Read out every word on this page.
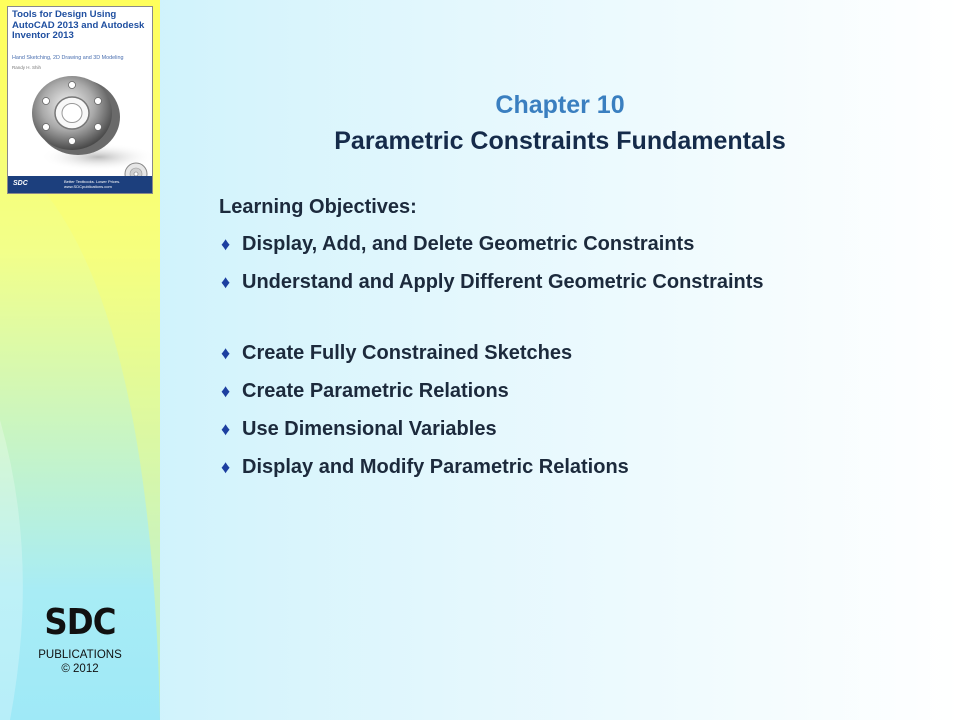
Tools for Design Using AutoCAD 2013 and Autodesk Inventor 2013
Hand Sketching, 2D Drawing and 3D Modeling
Randy H. Shih
SDC	Better Textbooks. Lower Prices. www.SDCpublications.com
SDC
PUBLICATIONS
© 2012
Chapter 10
Parametric Constraints Fundamentals
Learning Objectives:
♦ Display, Add, and Delete Geometric Constraints
♦ Understand and Apply Different Geometric Constraints
♦ Create Fully Constrained Sketches
♦ Create Parametric Relations
♦ Use Dimensional Variables
♦ Display and Modify Parametric Relations
